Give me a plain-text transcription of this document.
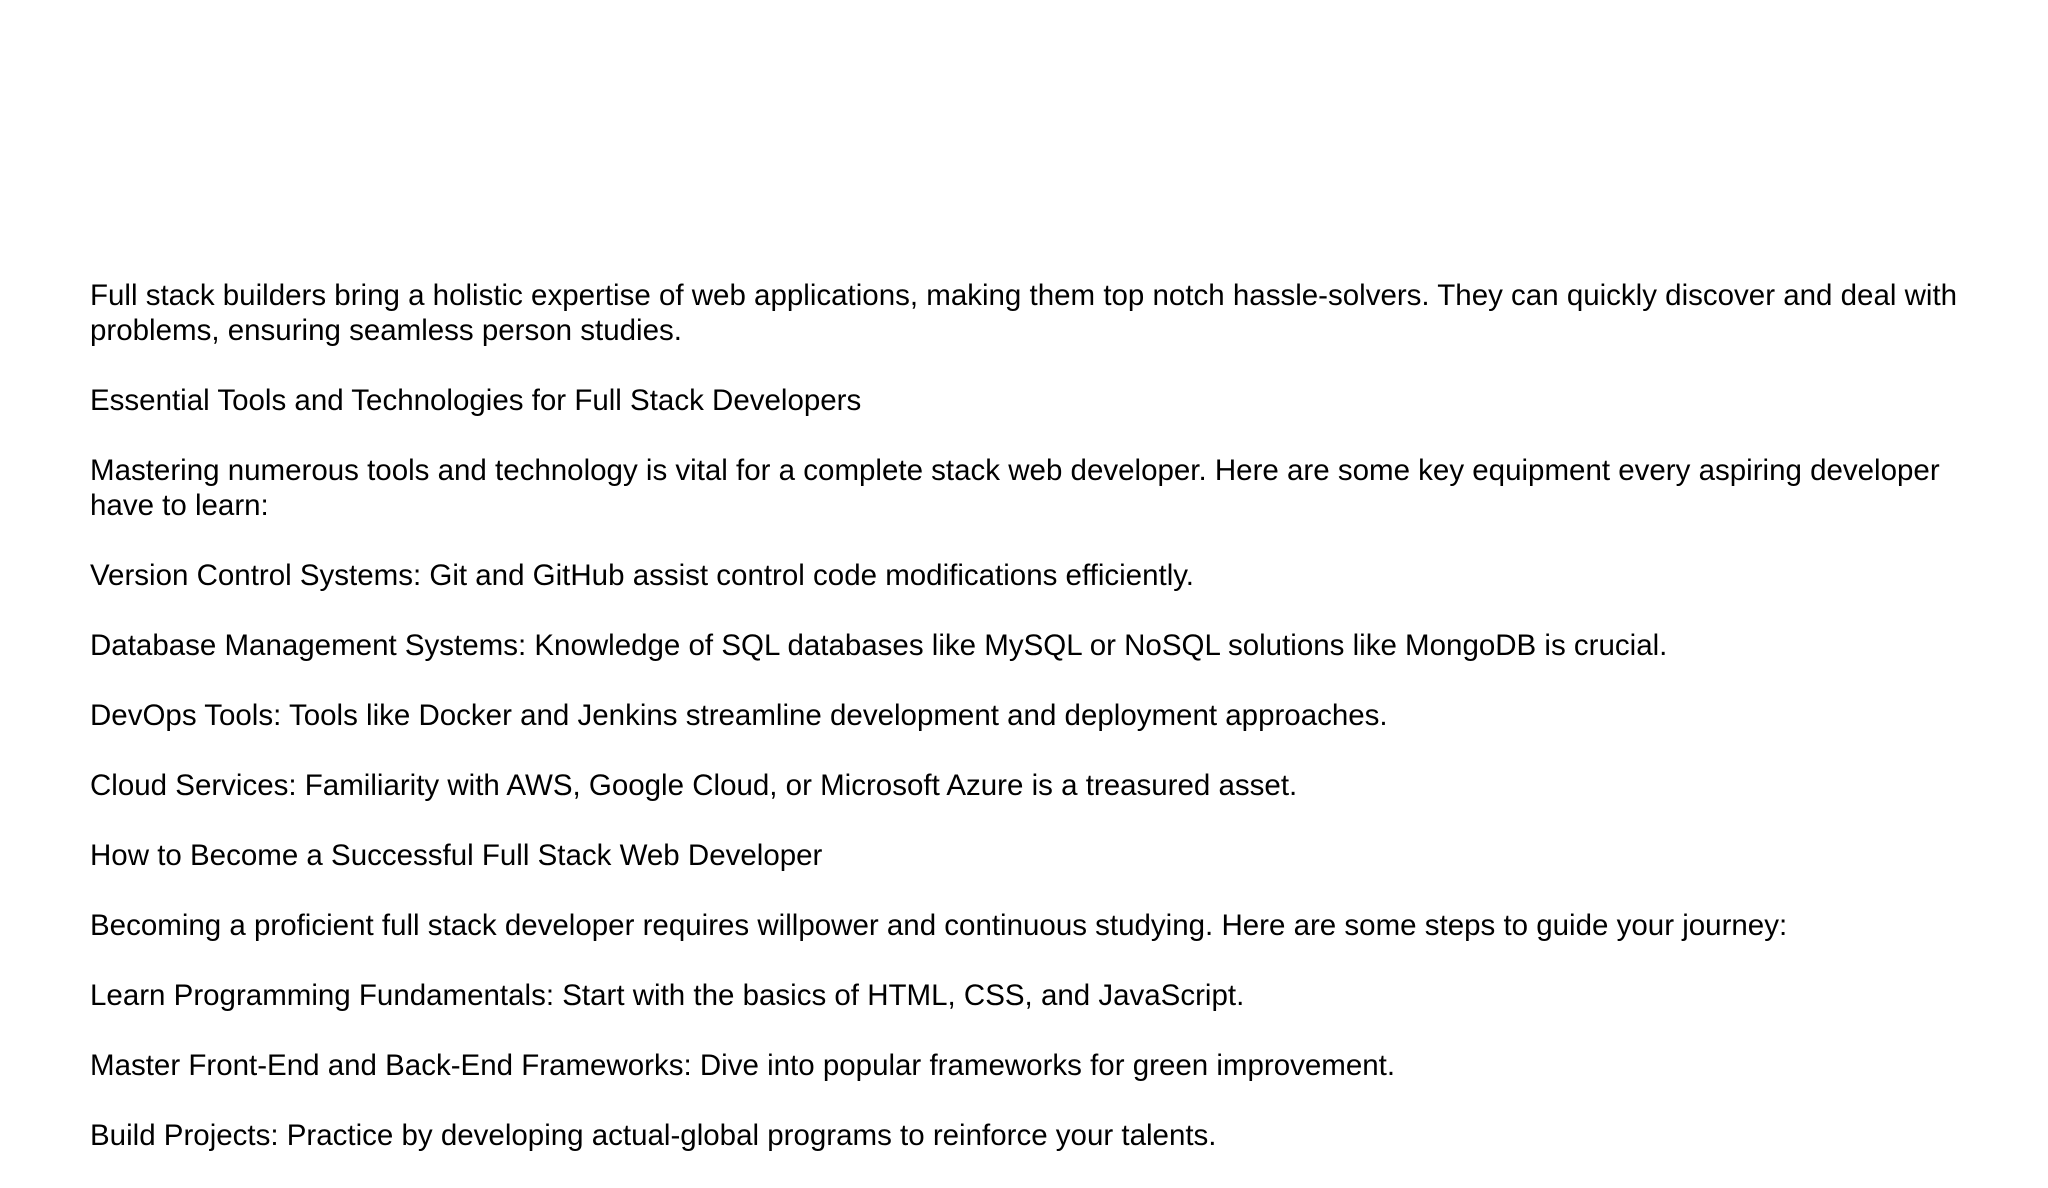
Full stack builders bring a holistic expertise of web applications, making them top notch hassle-solvers. They can quickly discover and deal with problems, ensuring seamless person studies.

Essential Tools and Technologies for Full Stack Developers

Mastering numerous tools and technology is vital for a complete stack web developer. Here are some key equipment every aspiring developer have to learn:

Version Control Systems: Git and GitHub assist control code modifications efficiently.

Database Management Systems: Knowledge of SQL databases like MySQL or NoSQL solutions like MongoDB is crucial.

DevOps Tools: Tools like Docker and Jenkins streamline development and deployment approaches.

Cloud Services: Familiarity with AWS, Google Cloud, or Microsoft Azure is a treasured asset.

How to Become a Successful Full Stack Web Developer

Becoming a proficient full stack developer requires willpower and continuous studying. Here are some steps to guide your journey:

Learn Programming Fundamentals: Start with the basics of HTML, CSS, and JavaScript.

Master Front-End and Back-End Frameworks: Dive into popular frameworks for green improvement.

Build Projects: Practice by developing actual-global programs to reinforce your talents.
